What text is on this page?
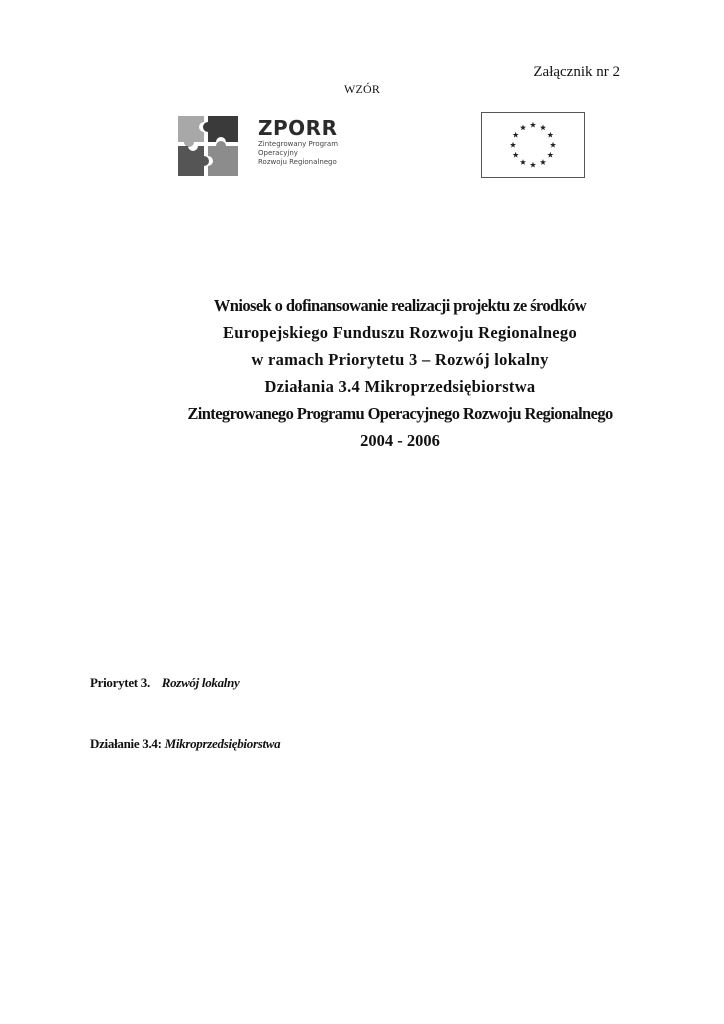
Załącznik nr 2
WZÓR
ZPORR
Zintegrowany Program
Operacyjny
Rozwoju Regionalnego
Wniosek o dofinansowanie realizacji projektu ze środków
Europejskiego Funduszu Rozwoju Regionalnego
w ramach Priorytetu 3 – Rozwój lokalny
Działania 3.4 Mikroprzedsiębiorstwa
Zintegrowanego Programu Operacyjnego Rozwoju Regionalnego
2004 - 2006
Priorytet 3. Rozwój lokalny
Działanie 3.4: Mikroprzedsiębiorstwa
